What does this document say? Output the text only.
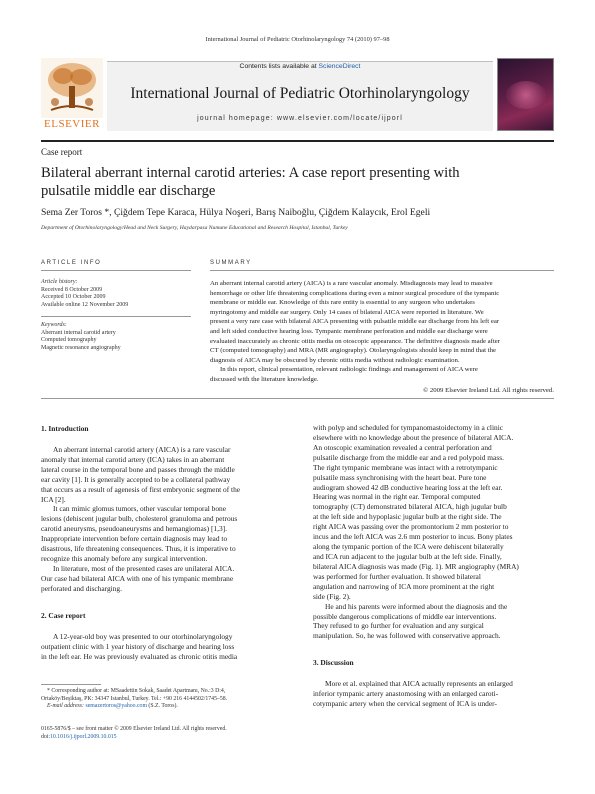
International Journal of Pediatric Otorhinolaryngology 74 (2010) 97–98
ELSEVIER
Contents lists available at ScienceDirect
International Journal of Pediatric Otorhinolaryngology
journal homepage: www.elsevier.com/locate/ijporl
Case report
Bilateral aberrant internal carotid arteries: A case report presenting with
pulsatile middle ear discharge
Sema Zer Toros *, Çiğdem Tepe Karaca, Hülya Noşeri, Barış Naiboğlu, Çiğdem Kalaycık, Erol Egeli
Department of Otorhinolaryngology/Head and Neck Surgery, Haydarpasa Numune Educational and Research Hospital, Istanbul, Turkey
ARTICLE INFO	SUMMARY
Article history:
Received 8 October 2009
Accepted 10 October 2009
Available online 12 November 2009
Keywords:
Aberrant internal carotid artery
Computed tomography
Magnetic resonance angiography
An aberrant internal carotid artery (AICA) is a rare vascular anomaly. Misdiagnosis may lead to massive
hemorrhage or other life threatening complications during even a minor surgical procedure of the tympanic
membrane or middle ear. Knowledge of this rare entity is essential to any surgeon who undertakes
myringotomy and middle ear surgery. Only 14 cases of bilateral AICA were reported in literature. We
present a very rare case with bilateral AICA presenting with pulsatile middle ear discharge from his left ear
and left sided conductive hearing loss. Tympanic membrane perforation and middle ear discharge were
evaluated inaccurately as chronic otitis media on otoscopic appearance. The definitive diagnosis made after
CT (computed tomography) and MRA (MR angiography). Otolaryngologists should keep in mind that the
diagnosis of AICA may be obscured by chronic otitis media without radiologic examination.
In this report, clinical presentation, relevant radiologic findings and management of AICA were
discussed with the literature knowledge.
© 2009 Elsevier Ireland Ltd. All rights reserved.
1. Introduction
An aberrant internal carotid artery (AICA) is a rare vascular
anomaly that internal carotid artery (ICA) takes in an aberrant
lateral course in the temporal bone and passes through the middle
ear cavity [1]. It is generally accepted to be a collateral pathway
that occurs as a result of agenesis of first embryonic segment of the
ICA [2].
It can mimic glomus tumors, other vascular temporal bone
lesions (dehiscent jugular bulb, cholesterol granuloma and petrous
carotid aneurysms, pseudoaneurysms and hemangiomas) [1,3].
Inappropriate intervention before certain diagnosis may lead to
disastrous, life threatening consequences. Thus, it is imperative to
recognize this anomaly before any surgical intervention.
In literature, most of the presented cases are unilateral AICA.
Our case had bilateral AICA with one of his tympanic membrane
perforated and discharging.
2. Case report
A 12-year-old boy was presented to our otorhinolaryngology
outpatient clinic with 1 year history of discharge and hearing loss
in the left ear. He was previously evaluated as chronic otitis media
* Corresponding author at: MSaadettin Sokak, Saadet Apartmanı, No.:3 D:4,
Ortaköy/Beşiktaş, PK: 34347 Istanbul, Turkey. Tel.: +90 216 4144502/1745–58.
E-mail address: semazertoros@yahoo.com (S.Z. Toros).
0165-5876/$ – see front matter © 2009 Elsevier Ireland Ltd. All rights reserved.
doi:10.1016/j.ijporl.2009.10.015
with polyp and scheduled for tympanomastoidectomy in a clinic
elsewhere with no knowledge about the presence of bilateral AICA.
An otoscopic examination revealed a central perforation and
pulsatile discharge from the middle ear and a red polypoid mass.
The right tympanic membrane was intact with a retrotympanic
pulsatile mass synchronising with the heart beat. Pure tone
audiogram showed 42 dB conductive hearing loss at the left ear.
Hearing was normal in the right ear. Temporal computed
tomography (CT) demonstrated bilateral AICA, high jugular bulb
at the left side and hypoplasic jugular bulb at the right side. The
right AICA was passing over the promontorium 2 mm posterior to
incus and the left AICA was 2.6 mm posterior to incus. Bony plates
along the tympanic portion of the ICA were dehiscent bilaterally
and ICA run adjacent to the jugular bulb at the left side. Finally,
bilateral AICA diagnosis was made (Fig. 1). MR angiography (MRA)
was performed for further evaluation. It showed bilateral
angulation and narrowing of ICA more prominent at the right
side (Fig. 2).
He and his parents were informed about the diagnosis and the
possible dangerous complications of middle ear interventions.
They refused to go further for evaluation and any surgical
manipulation. So, he was followed with conservative approach.
3. Discussion
More et al. explained that AICA actually represents an enlarged
inferior tympanic artery anastomosing with an enlarged caroti-
cotympanic artery when the cervical segment of ICA is under-
